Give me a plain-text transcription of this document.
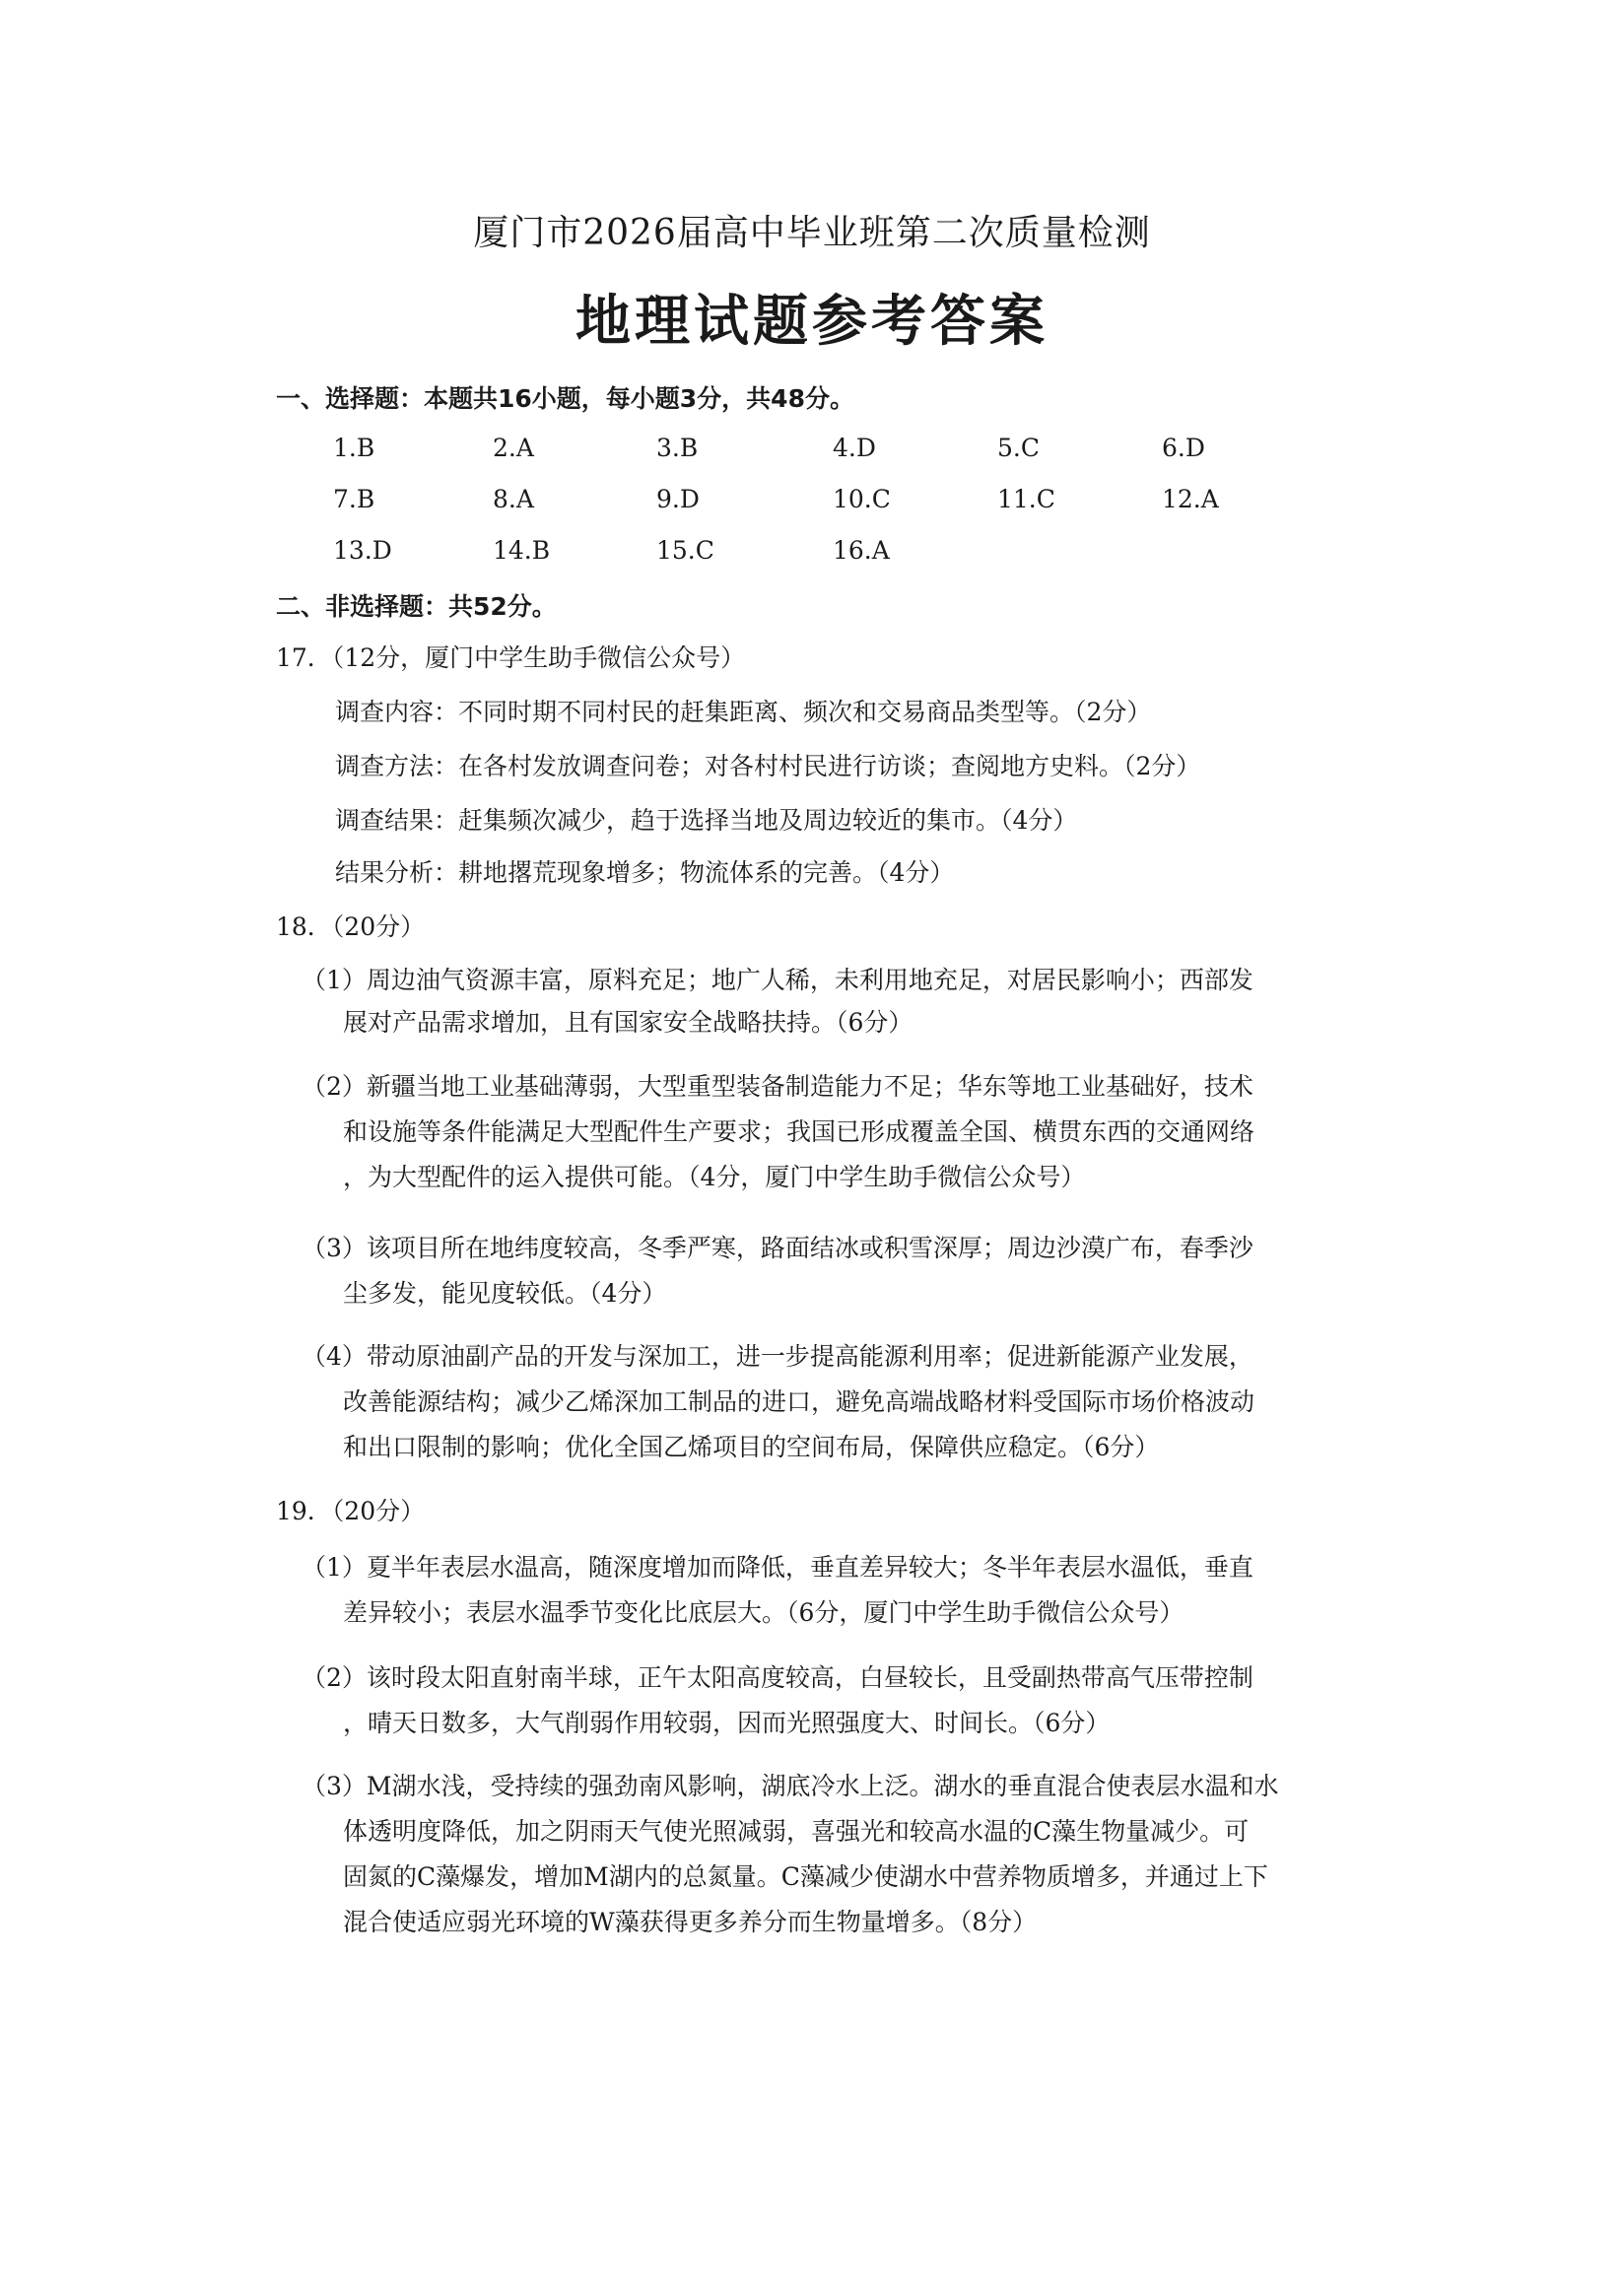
厦门市2026届高中毕业班第二次质量检测
地理试题参考答案
一、选择题：本题共16小题，每小题3分，共48分。
1.B	2.A	3.B	4.D	5.C	6.D
7.B	8.A	9.D	10.C	11.C	12.A
13.D	14.B	15.C	16.A
二、非选择题：共52分。
17．（12分，厦门中学生助手微信公众号）
调查内容：不同时期不同村民的赶集距离、频次和交易商品类型等。（2分）
调查方法：在各村发放调查问卷；对各村村民进行访谈；查阅地方史料。（2分）
调查结果：赶集频次减少，趋于选择当地及周边较近的集市。（4分）
结果分析：耕地撂荒现象增多；物流体系的完善。（4分）
18．（20分）
（1）周边油气资源丰富，原料充足；地广人稀，未利用地充足，对居民影响小；西部发
展对产品需求增加，且有国家安全战略扶持。（6分）
（2）新疆当地工业基础薄弱，大型重型装备制造能力不足；华东等地工业基础好，技术
和设施等条件能满足大型配件生产要求；我国已形成覆盖全国、横贯东西的交通网络
，为大型配件的运入提供可能。（4分，厦门中学生助手微信公众号）
（3）该项目所在地纬度较高，冬季严寒，路面结冰或积雪深厚；周边沙漠广布，春季沙
尘多发，能见度较低。（4分）
（4）带动原油副产品的开发与深加工，进一步提高能源利用率；促进新能源产业发展，
改善能源结构；减少乙烯深加工制品的进口，避免高端战略材料受国际市场价格波动
和出口限制的影响；优化全国乙烯项目的空间布局，保障供应稳定。（6分）
19．（20分）
（1）夏半年表层水温高，随深度增加而降低，垂直差异较大；冬半年表层水温低，垂直
差异较小；表层水温季节变化比底层大。（6分，厦门中学生助手微信公众号）
（2）该时段太阳直射南半球，正午太阳高度较高，白昼较长，且受副热带高气压带控制
，晴天日数多，大气削弱作用较弱，因而光照强度大、时间长。（6分）
（3）M湖水浅，受持续的强劲南风影响，湖底冷水上泛。湖水的垂直混合使表层水温和水
体透明度降低，加之阴雨天气使光照减弱，喜强光和较高水温的C藻生物量减少。可
固氮的C藻爆发，增加M湖内的总氮量。C藻减少使湖水中营养物质增多，并通过上下
混合使适应弱光环境的W藻获得更多养分而生物量增多。（8分）
